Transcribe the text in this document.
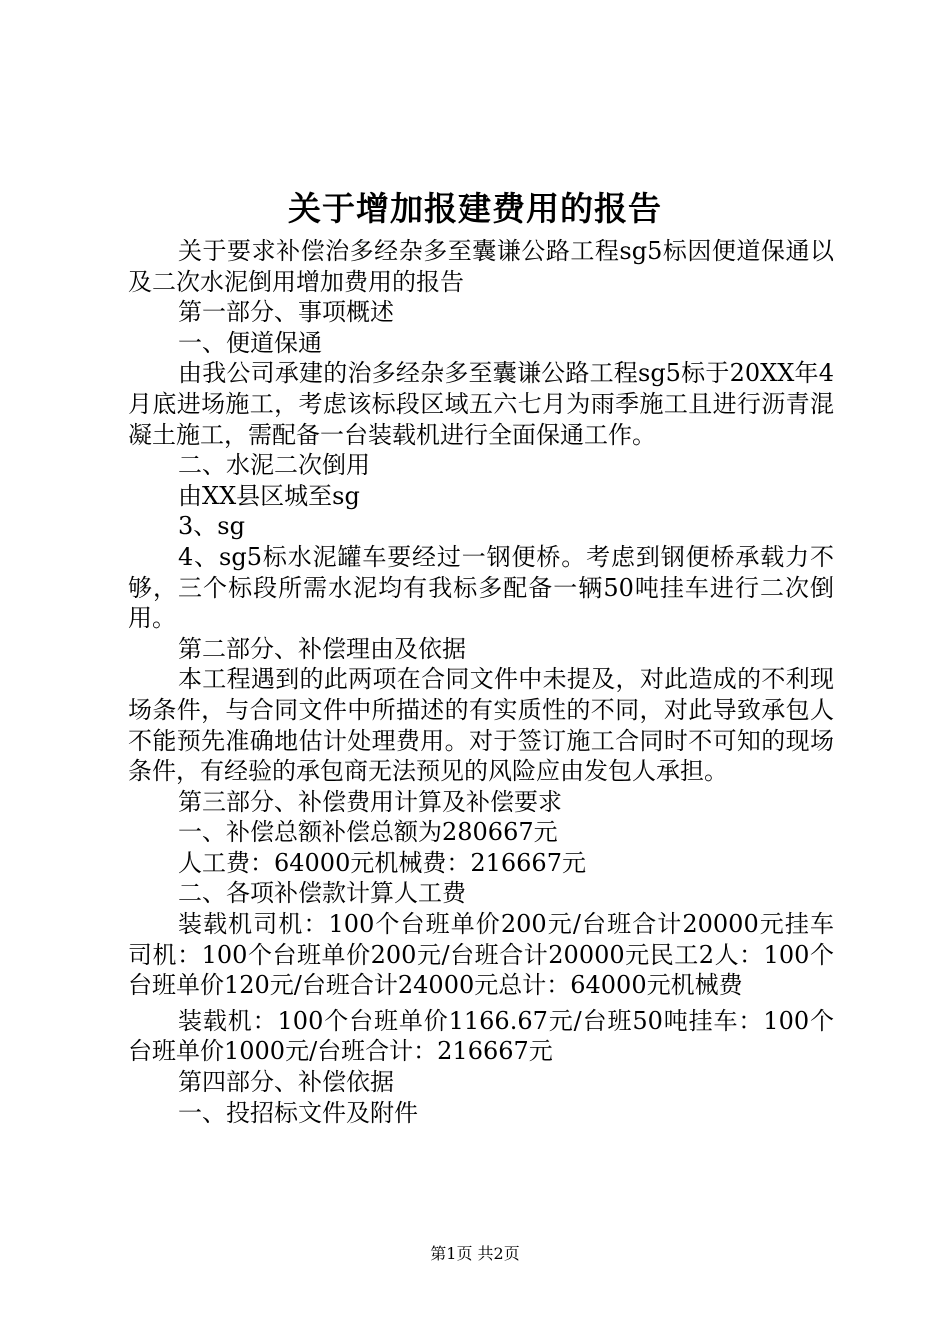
关于增加报建费用的报告

关于要求补偿治多经杂多至囊谦公路工程sg5标因便道保通以及二次水泥倒用增加费用的报告

第一部分、事项概述

一、便道保通

由我公司承建的治多经杂多至囊谦公路工程sg5标于20XX年4月底进场施工，考虑该标段区域五六七月为雨季施工且进行沥青混凝土施工，需配备一台装载机进行全面保通工作。

二、水泥二次倒用

由XX县区城至sg

3、sg

4、sg5标水泥罐车要经过一钢便桥。考虑到钢便桥承载力不够，三个标段所需水泥均有我标多配备一辆50吨挂车进行二次倒用。

第二部分、补偿理由及依据

本工程遇到的此两项在合同文件中未提及，对此造成的不利现场条件，与合同文件中所描述的有实质性的不同，对此导致承包人不能预先准确地估计处理费用。对于签订施工合同时不可知的现场条件，有经验的承包商无法预见的风险应由发包人承担。

第三部分、补偿费用计算及补偿要求

一、补偿总额补偿总额为280667元

人工费：64000元机械费：216667元

二、各项补偿款计算人工费

装载机司机：100个台班单价200元/台班合计20000元挂车司机：100个台班单价200元/台班合计20000元民工2人：100个台班单价120元/台班合计24000元总计：64000元机械费

装载机：100个台班单价1166.67元/台班50吨挂车：100个台班单价1000元/台班合计：216667元

第四部分、补偿依据

一、投招标文件及附件

第1页 共2页
